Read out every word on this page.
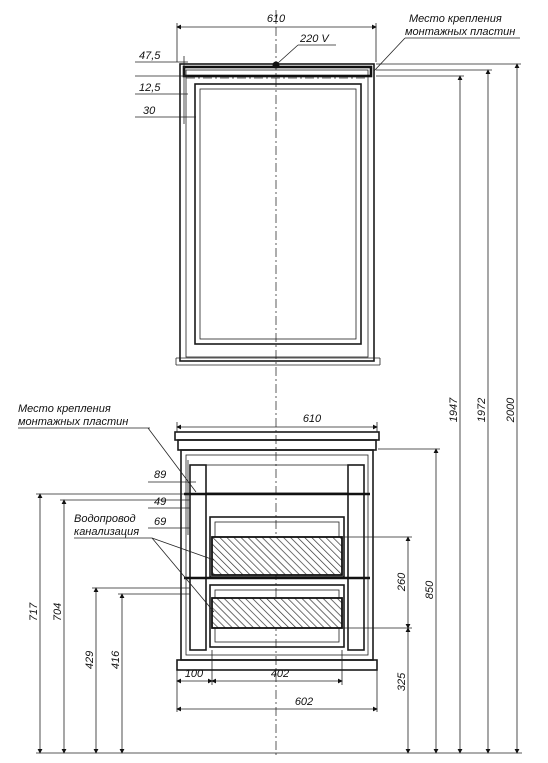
610
220 V
Место крепления
монтажных пластин
47,5
12,5
30
1947 1972 2000
610
Место крепления
монтажных пластин
89
49
69
Водопровод
канализация
717 704
429 416
100	402
602
260 850
325
